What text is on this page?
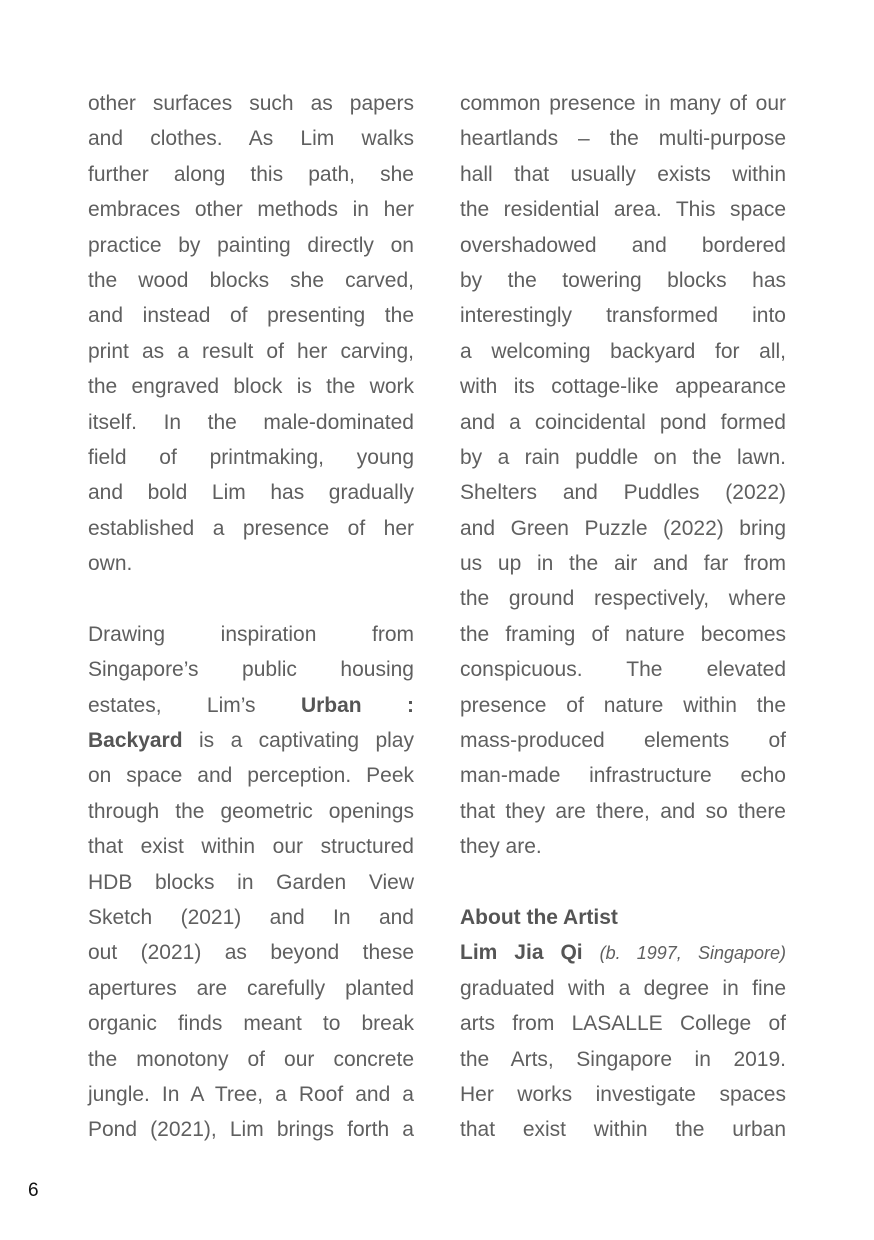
other surfaces such as papers
and clothes. As Lim walks
further along this path, she
embraces other methods in her
practice by painting directly on
the wood blocks she carved,
and instead of presenting the
print as a result of her carving,
the engraved block is the work
itself. In the male-dominated
field of printmaking, young
and bold Lim has gradually
established a presence of her
own.
Drawing inspiration from
Singapore’s public housing
estates, Lim’s Urban :
Backyard is a captivating play
on space and perception. Peek
through the geometric openings
that exist within our structured
HDB blocks in Garden View
Sketch (2021) and In and
out (2021) as beyond these
apertures are carefully planted
organic finds meant to break
the monotony of our concrete
jungle. In A Tree, a Roof and a
Pond (2021), Lim brings forth a
common presence in many of our
heartlands – the multi-purpose
hall that usually exists within
the residential area. This space
overshadowed and bordered
by the towering blocks has
interestingly transformed into
a welcoming backyard for all,
with its cottage-like appearance
and a coincidental pond formed
by a rain puddle on the lawn.
Shelters and Puddles (2022)
and Green Puzzle (2022) bring
us up in the air and far from
the ground respectively, where
the framing of nature becomes
conspicuous. The elevated
presence of nature within the
mass-produced elements of
man-made infrastructure echo
that they are there, and so there
they are.
About the Artist
Lim Jia Qi (b. 1997, Singapore)
graduated with a degree in fine
arts from LASALLE College of
the Arts, Singapore in 2019.
Her works investigate spaces
that exist within the urban
6
